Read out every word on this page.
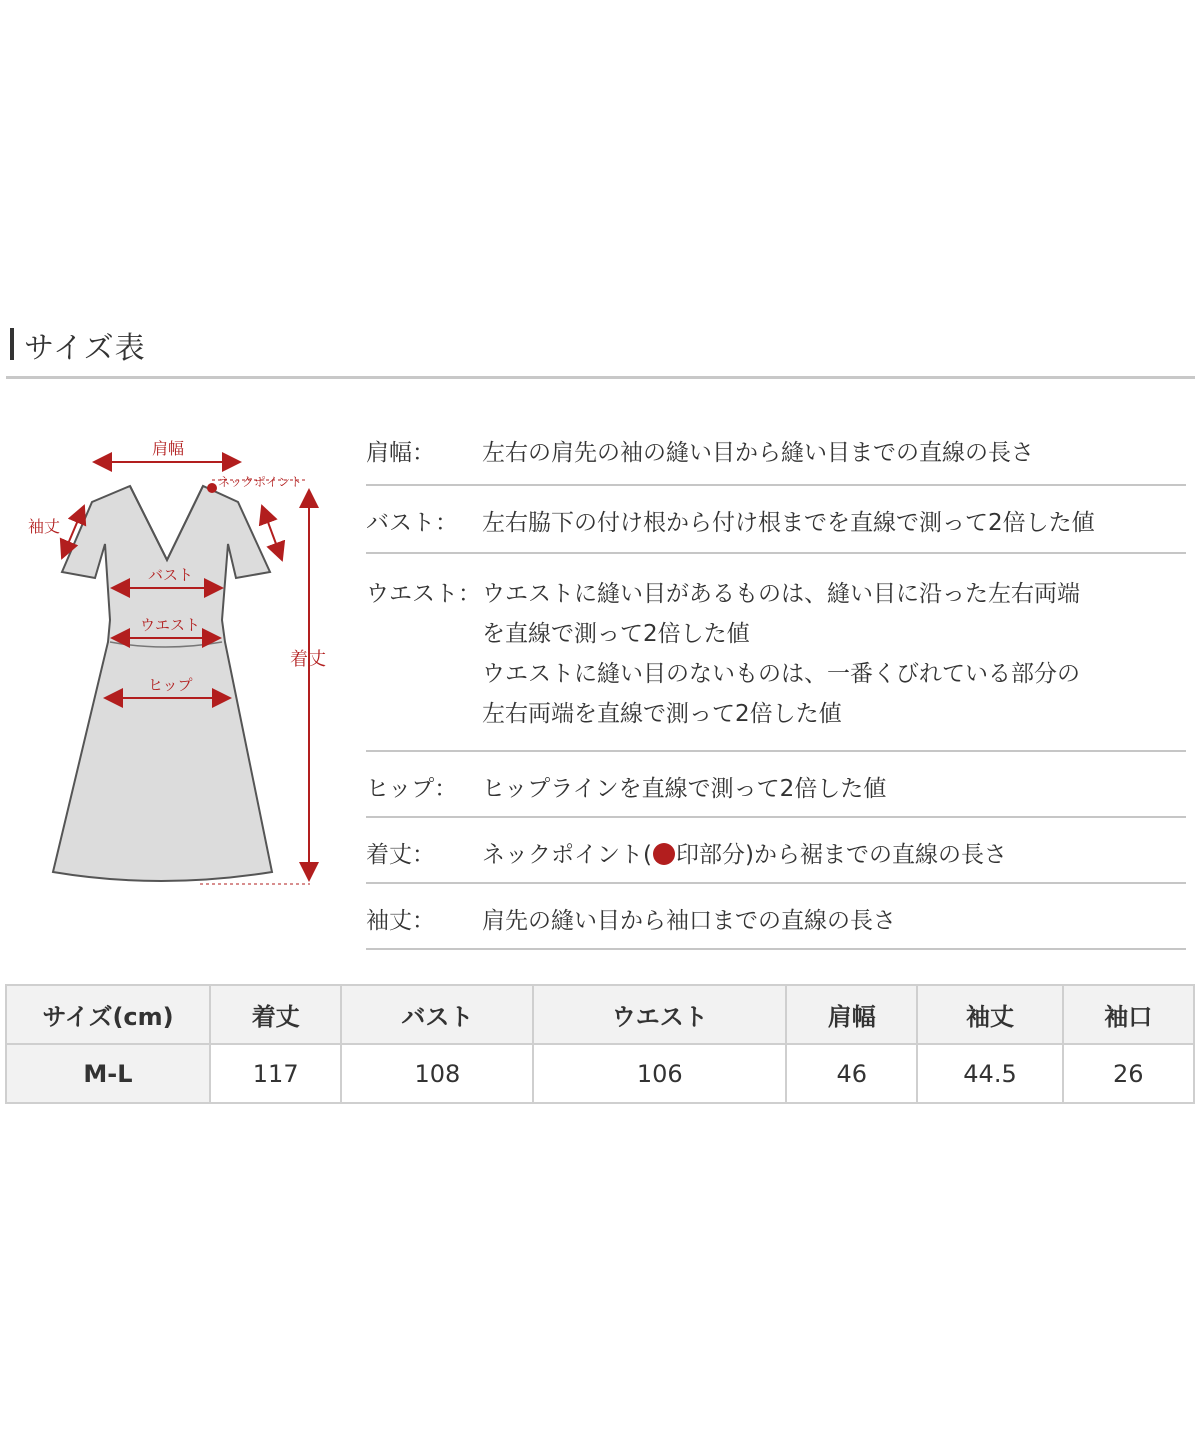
サイズ表
肩幅
ネックポイント
袖丈
バスト
ウエスト
ヒップ
着丈
肩幅：	左右の肩先の袖の縫い目から縫い目までの直線の長さ
バスト：	左右脇下の付け根から付け根までを直線で測って2倍した値
ウエスト： ウエストに縫い目があるものは、縫い目に沿った左右両端
を直線で測って2倍した値
ウエストに縫い目のないものは、一番くびれている部分の
左右両端を直線で測って2倍した値
ヒップ：	ヒップラインを直線で測って2倍した値
着丈：	ネックポイント( 印部分)から裾までの直線の長さ
袖丈：	肩先の縫い目から袖口までの直線の長さ
サイズ(cm)	着丈	バスト	ウエスト	肩幅	袖丈	袖口
M-L	117	108	106	46	44.5	26
